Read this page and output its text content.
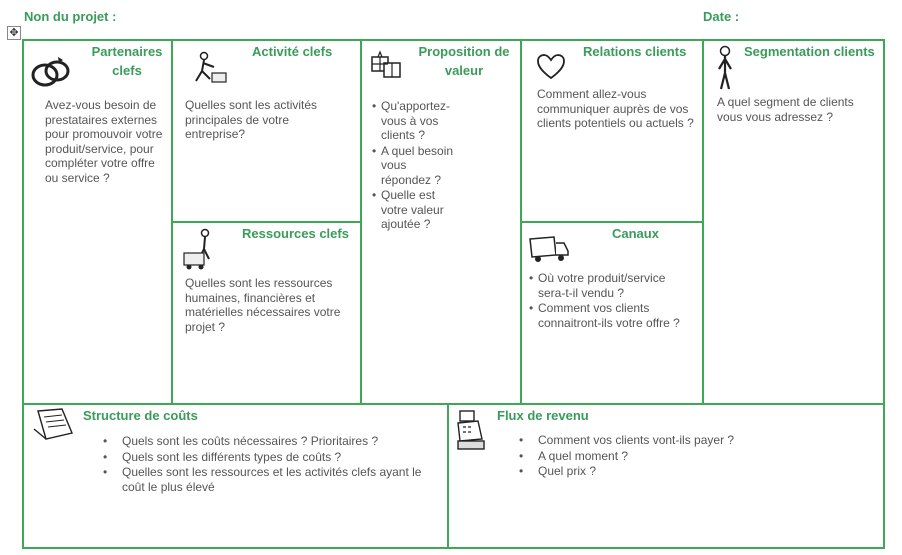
Non du projet :	Date :
✥
Partenaires
clefs
Avez-vous besoin de prestataires externes pour promouvoir votre produit/service, pour compléter votre offre ou service ?
Activité clefs
Quelles sont les activités principales de votre entreprise?
Ressources clefs
Quelles sont les ressources humaines, financières et matérielles nécessaires votre projet ?
Proposition de
valeur
• Qu'apportez-vous à vos clients ?
• A quel besoin vous répondez ?
• Quelle est votre valeur ajoutée ?
Relations clients
Comment allez-vous communiquer auprès de vos clients potentiels ou actuels ?
Canaux
• Où votre produit/service sera-t-il vendu ?
• Comment vos clients connaitront-ils votre offre ?
Segmentation clients
A quel segment de clients vous vous adressez ?
Structure de coûts
• Quels sont les coûts nécessaires ? Prioritaires ?
• Quels sont les différents types de coûts ?
• Quelles sont les ressources et les activités clefs ayant le coût le plus élevé
Flux de revenu
• Comment vos clients vont-ils payer ?
• A quel moment ?
• Quel prix ?
